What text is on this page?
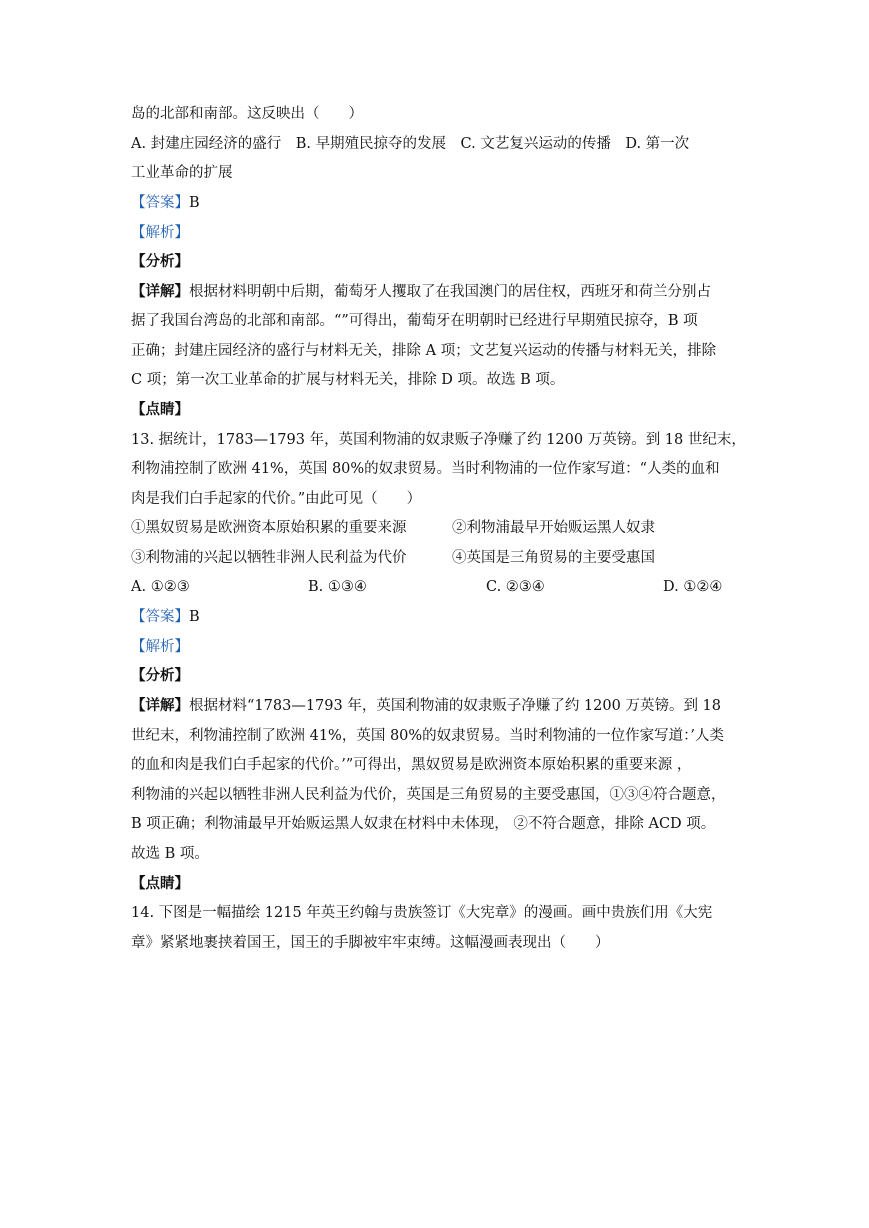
岛的北部和南部。这反映出（　　）
A. 封建庄园经济的盛行　B. 早期殖民掠夺的发展　C. 文艺复兴运动的传播　D. 第一次
工业革命的扩展
【答案】B
【解析】
【分析】
【详解】根据材料明朝中后期，葡萄牙人攫取了在我国澳门的居住权，西班牙和荷兰分别占
据了我国台湾岛的北部和南部。“”可得出，葡萄牙在明朝时已经进行早期殖民掠夺，B 项
正确；封建庄园经济的盛行与材料无关，排除 A 项；文艺复兴运动的传播与材料无关，排除
C 项；第一次工业革命的扩展与材料无关，排除 D 项。故选 B 项。
【点睛】
13. 据统计，1783—1793 年，英国利物浦的奴隶贩子净赚了约 1200 万英镑。到 18 世纪末，
利物浦控制了欧洲 41%，英国 80%的奴隶贸易。当时利物浦的一位作家写道：“人类的血和
肉是我们白手起家的代价。”由此可见（　　）
①黑奴贸易是欧洲资本原始积累的重要来源	②利物浦最早开始贩运黑人奴隶
③利物浦的兴起以牺牲非洲人民利益为代价	④英国是三角贸易的主要受惠国
A. ①②③	B. ①③④	C. ②③④	D. ①②④
【答案】B
【解析】
【分析】
【详解】根据材料“1783—1793 年，英国利物浦的奴隶贩子净赚了约 1200 万英镑。到 18
世纪末，利物浦控制了欧洲 41%，英国 80%的奴隶贸易。当时利物浦的一位作家写道：’人类
的血和肉是我们白手起家的代价。’”可得出，黑奴贸易是欧洲资本原始积累的重要来源 ，
利物浦的兴起以牺牲非洲人民利益为代价，英国是三角贸易的主要受惠国，①③④符合题意，
B 项正确；利物浦最早开始贩运黑人奴隶在材料中未体现， ②不符合题意，排除 ACD 项。
故选 B 项。
【点睛】
14. 下图是一幅描绘 1215 年英王约翰与贵族签订《大宪章》的漫画。画中贵族们用《大宪
章》紧紧地裹挟着国王，国王的手脚被牢牢束缚。这幅漫画表现出（　　）
